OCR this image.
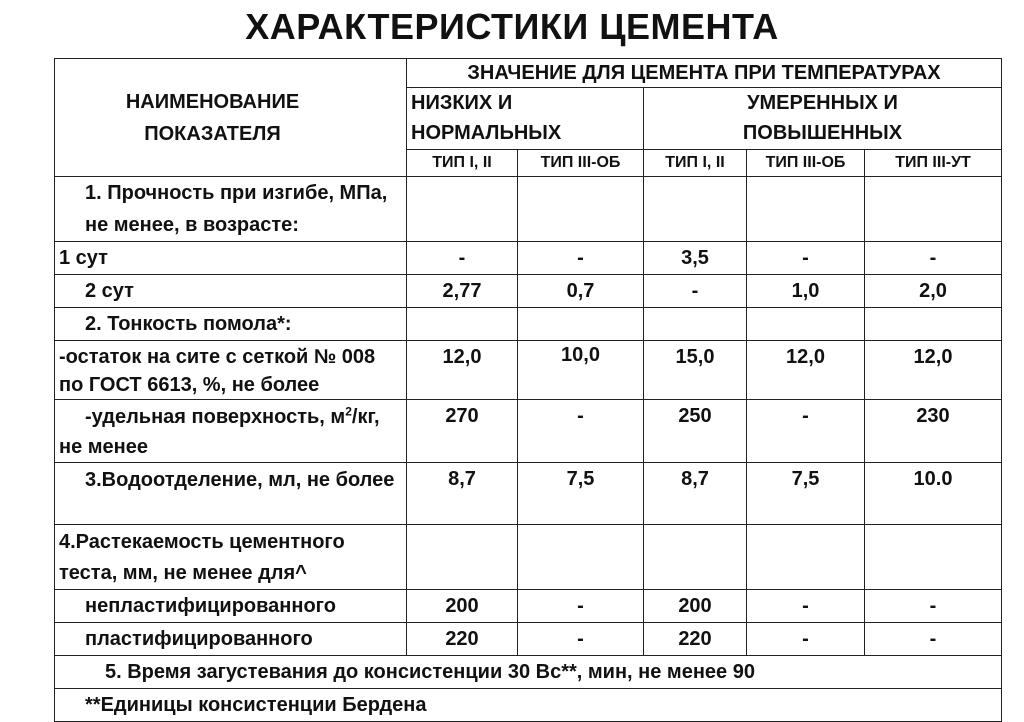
ХАРАКТЕРИСТИКИ ЦЕМЕНТА
НАИМЕНОВАНИЕ
ПОКАЗАТЕЛЯ	ЗНАЧЕНИЕ ДЛЯ ЦЕМЕНТА ПРИ ТЕМПЕРАТУРАХ				

	НИЗКИХ И НОРМАЛЬНЫХ		УМЕРЕННЫХ И ПОВЫШЕННЫХ		

	ТИП I, II	ТИП III-ОБ	ТИП I, II	ТИП III-ОБ	ТИП III-УТ
1. Прочность при изгибе, МПа, не менее, в возрасте:					
1 сут	-	-	3,5	-	-
2 сут	2,77	0,7	-	1,0	2,0
2. Тонкость помола*:					
-остаток на сите с сеткой № 008 по ГОСТ 6613, %, не более	12,0	10,0	15,0	12,0	12,0
-удельная поверхность, $м^2/кг$, не менее	270	-	250	-	230

3.Водоотделение, мл, не более	8,7	7,5	8,7	7,5	10.0
4.Растекаемость цементного теста, мм, не менее для^					
непластифицированного	200	-	200	-	-
пластифицированного	220	-	220	-	-
5. Время загустевания до консистенции 30 Вс**, мин, не менее 90					
**Единицы консистенции Бердена					
